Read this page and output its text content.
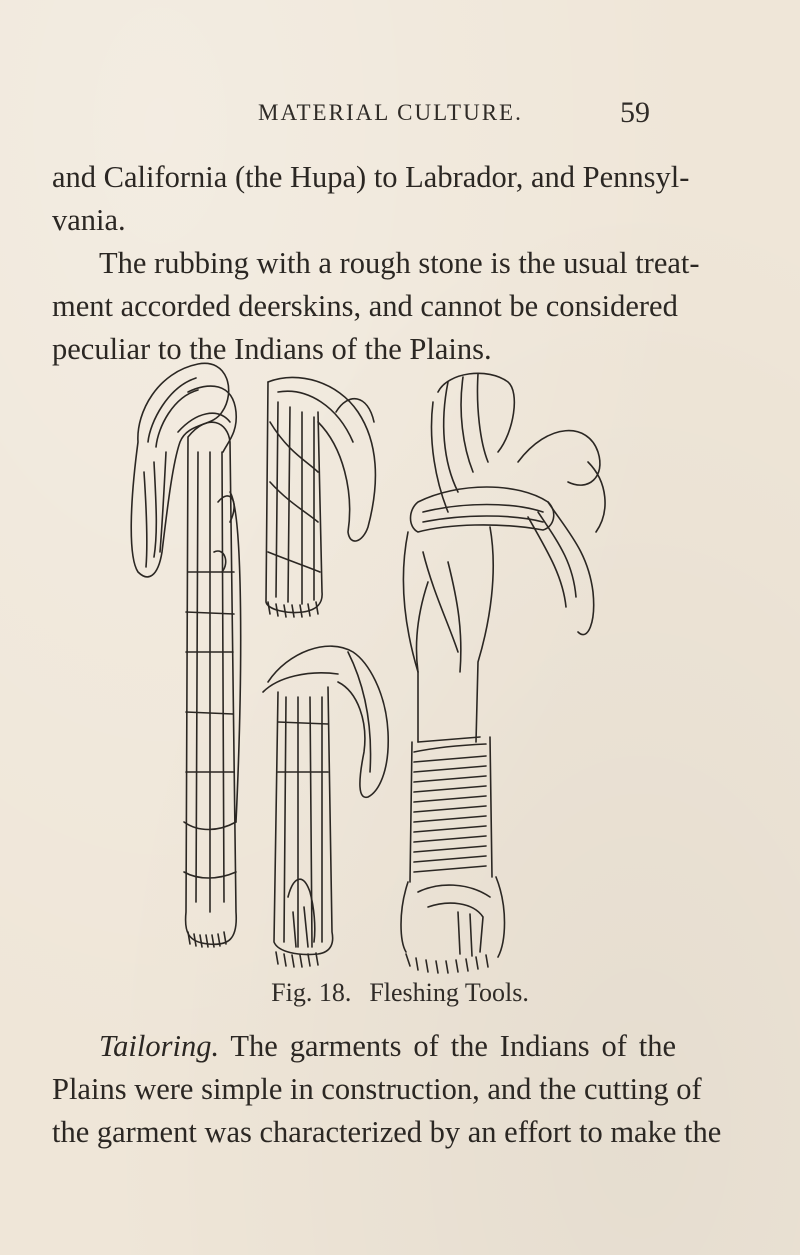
MATERIAL CULTURE.	59
and California (the Hupa) to Labrador, and Pennsyl-
vania.
The rubbing with a rough stone is the usual treat-
ment accorded deerskins, and cannot be considered
peculiar to the Indians of the Plains.
Fig. 18. Fleshing Tools.
Tailoring. The garments of the Indians of the
Plains were simple in construction, and the cutting of
the garment was characterized by an effort to make the
